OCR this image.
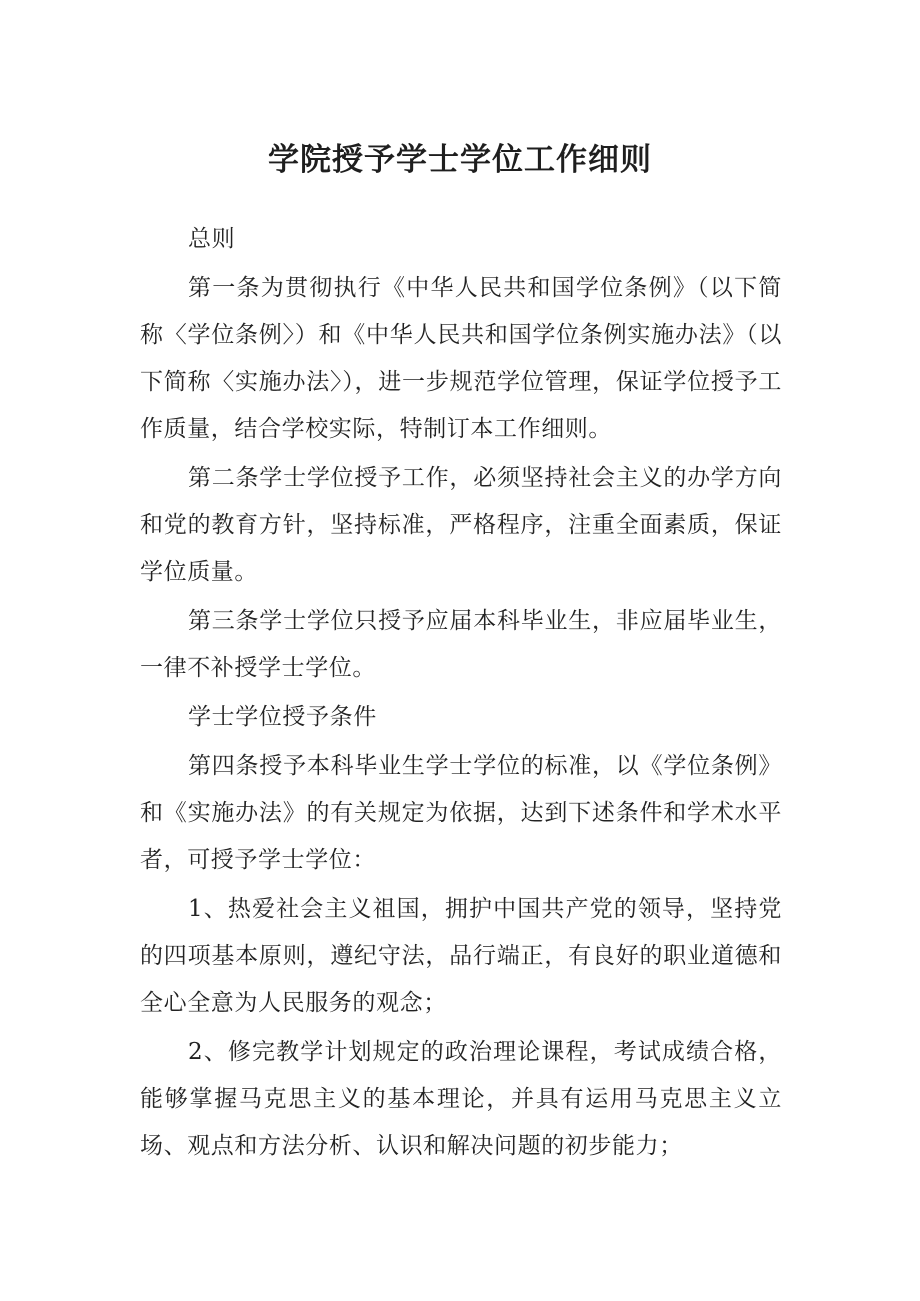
学院授予学士学位工作细则

总则

第一条为贯彻执行《中华人民共和国学位条例》（以下简称〈学位条例〉）和《中华人民共和国学位条例实施办法》（以下简称〈实施办法〉），进一步规范学位管理，保证学位授予工作质量，结合学校实际，特制订本工作细则。

第二条学士学位授予工作，必须坚持社会主义的办学方向和党的教育方针，坚持标准，严格程序，注重全面素质，保证学位质量。

第三条学士学位只授予应届本科毕业生，非应届毕业生，一律不补授学士学位。

学士学位授予条件

第四条授予本科毕业生学士学位的标准，以《学位条例》和《实施办法》的有关规定为依据，达到下述条件和学术水平者，可授予学士学位：

1、热爱社会主义祖国，拥护中国共产党的领导，坚持党的四项基本原则，遵纪守法，品行端正，有良好的职业道德和全心全意为人民服务的观念；

2、修完教学计划规定的政治理论课程，考试成绩合格，能够掌握马克思主义的基本理论，并具有运用马克思主义立场、观点和方法分析、认识和解决问题的初步能力；
